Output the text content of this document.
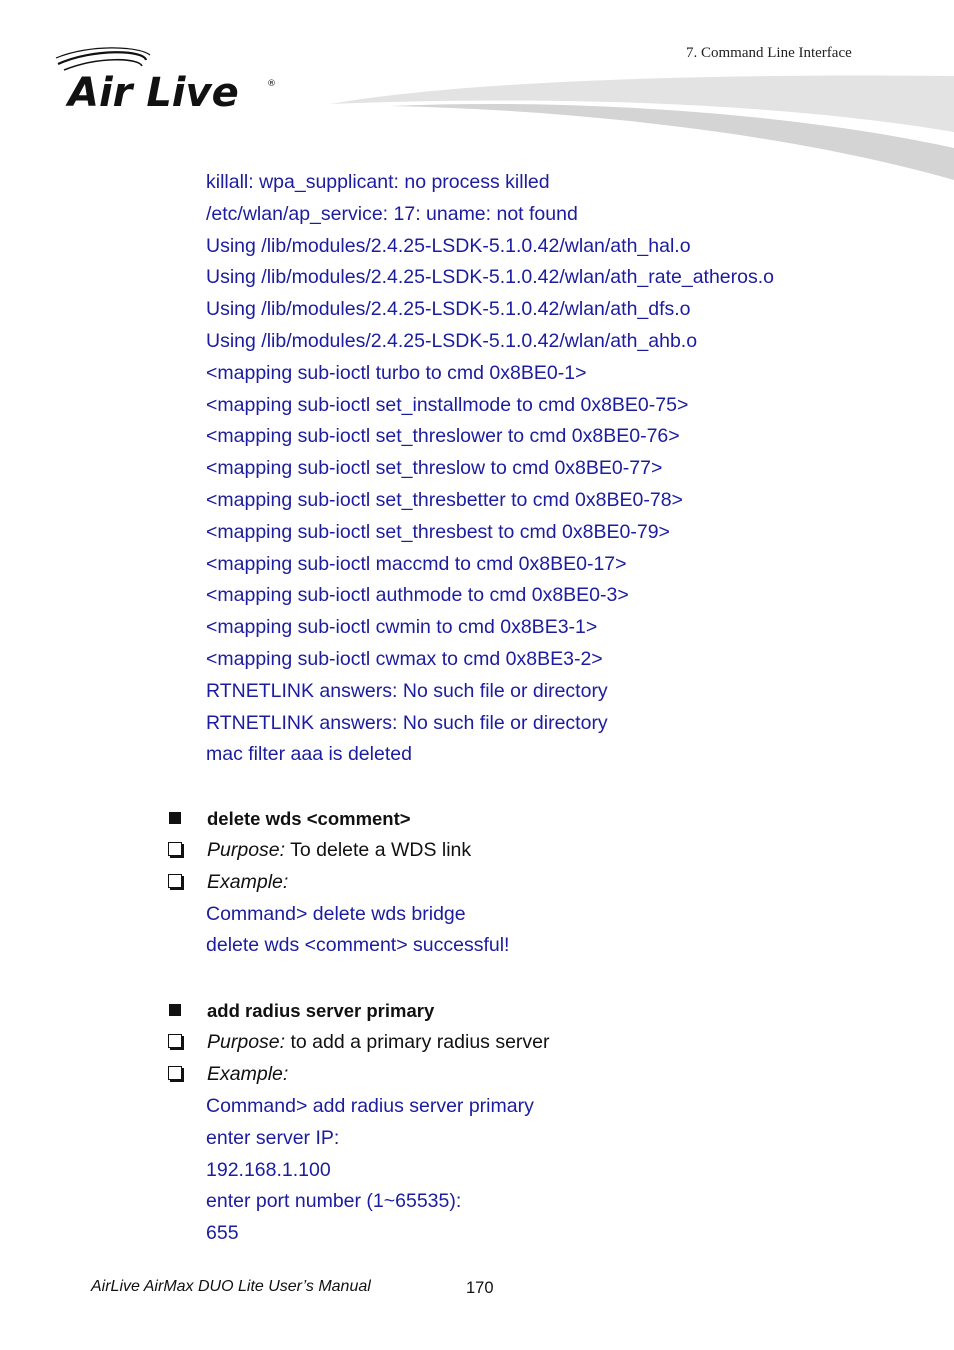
7. Command Line Interface
Air Live	®
killall: wpa_supplicant: no process killed
/etc/wlan/ap_service: 17: uname: not found
Using /lib/modules/2.4.25-LSDK-5.1.0.42/wlan/ath_hal.o
Using /lib/modules/2.4.25-LSDK-5.1.0.42/wlan/ath_rate_atheros.o
Using /lib/modules/2.4.25-LSDK-5.1.0.42/wlan/ath_dfs.o
Using /lib/modules/2.4.25-LSDK-5.1.0.42/wlan/ath_ahb.o
<mapping sub-ioctl turbo to cmd 0x8BE0-1>
<mapping sub-ioctl set_installmode to cmd 0x8BE0-75>
<mapping sub-ioctl set_threslower to cmd 0x8BE0-76>
<mapping sub-ioctl set_threslow to cmd 0x8BE0-77>
<mapping sub-ioctl set_thresbetter to cmd 0x8BE0-78>
<mapping sub-ioctl set_thresbest to cmd 0x8BE0-79>
<mapping sub-ioctl maccmd to cmd 0x8BE0-17>
<mapping sub-ioctl authmode to cmd 0x8BE0-3>
<mapping sub-ioctl cwmin to cmd 0x8BE3-1>
<mapping sub-ioctl cwmax to cmd 0x8BE3-2>
RTNETLINK answers: No such file or directory
RTNETLINK answers: No such file or directory
mac filter aaa is deleted
delete wds <comment>
Purpose: To delete a WDS link
Example:
Command> delete wds bridge
delete wds <comment> successful!
add radius server primary
Purpose: to add a primary radius server
Example:
Command> add radius server primary
enter server IP:
192.168.1.100
enter port number (1~65535):
655
AirLive AirMax DUO Lite User’s Manual	170
